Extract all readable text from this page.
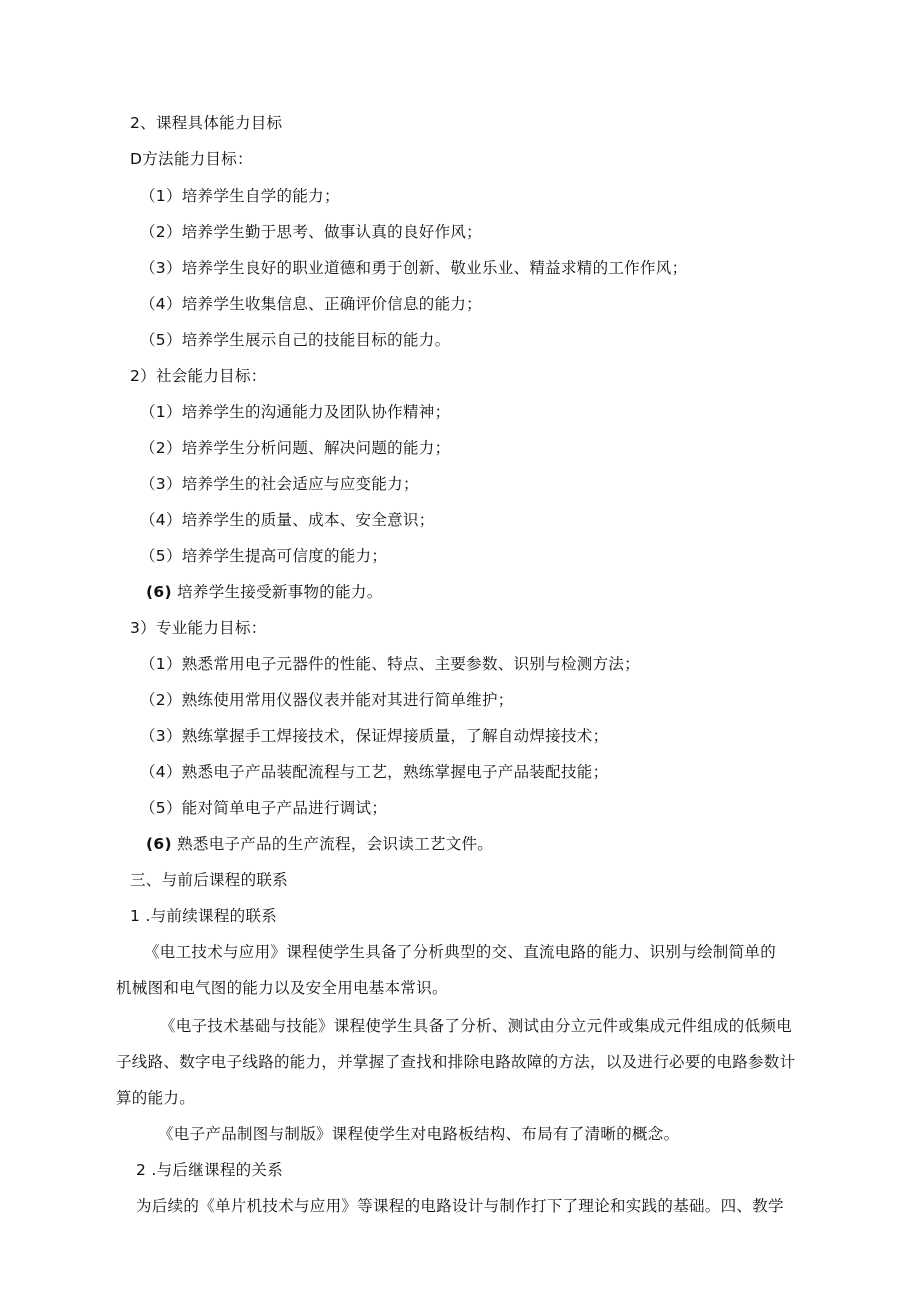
2、课程具体能力目标
D方法能力目标：
（1）培养学生自学的能力；
（2）培养学生勤于思考、做事认真的良好作风；
（3）培养学生良好的职业道德和勇于创新、敬业乐业、精益求精的工作作风；
（4）培养学生收集信息、正确评价信息的能力；
（5）培养学生展示自己的技能目标的能力。
2）社会能力目标：
（1）培养学生的沟通能力及团队协作精神；
（2）培养学生分析问题、解决问题的能力；
（3）培养学生的社会适应与应变能力；
（4）培养学生的质量、成本、安全意识；
（5）培养学生提高可信度的能力；
(6) 培养学生接受新事物的能力。
3）专业能力目标：
（1）熟悉常用电子元器件的性能、特点、主要参数、识别与检测方法；
（2）熟练使用常用仪器仪表并能对其进行简单维护；
（3）熟练掌握手工焊接技术，保证焊接质量，了解自动焊接技术；
（4）熟悉电子产品装配流程与工艺，熟练掌握电子产品装配技能；
（5）能对简单电子产品进行调试；
(6) 熟悉电子产品的生产流程，会识读工艺文件。
三、与前后课程的联系
1 .与前续课程的联系
《电工技术与应用》课程使学生具备了分析典型的交、直流电路的能力、识别与绘制简单的
机械图和电气图的能力以及安全用电基本常识。
《电子技术基础与技能》课程使学生具备了分析、测试由分立元件或集成元件组成的低频电
子线路、数字电子线路的能力，并掌握了查找和排除电路故障的方法，以及进行必要的电路参数计
算的能力。
《电子产品制图与制版》课程使学生对电路板结构、布局有了清晰的概念。
2 .与后继课程的关系
为后续的《单片机技术与应用》等课程的电路设计与制作打下了理论和实践的基础。四、教学
